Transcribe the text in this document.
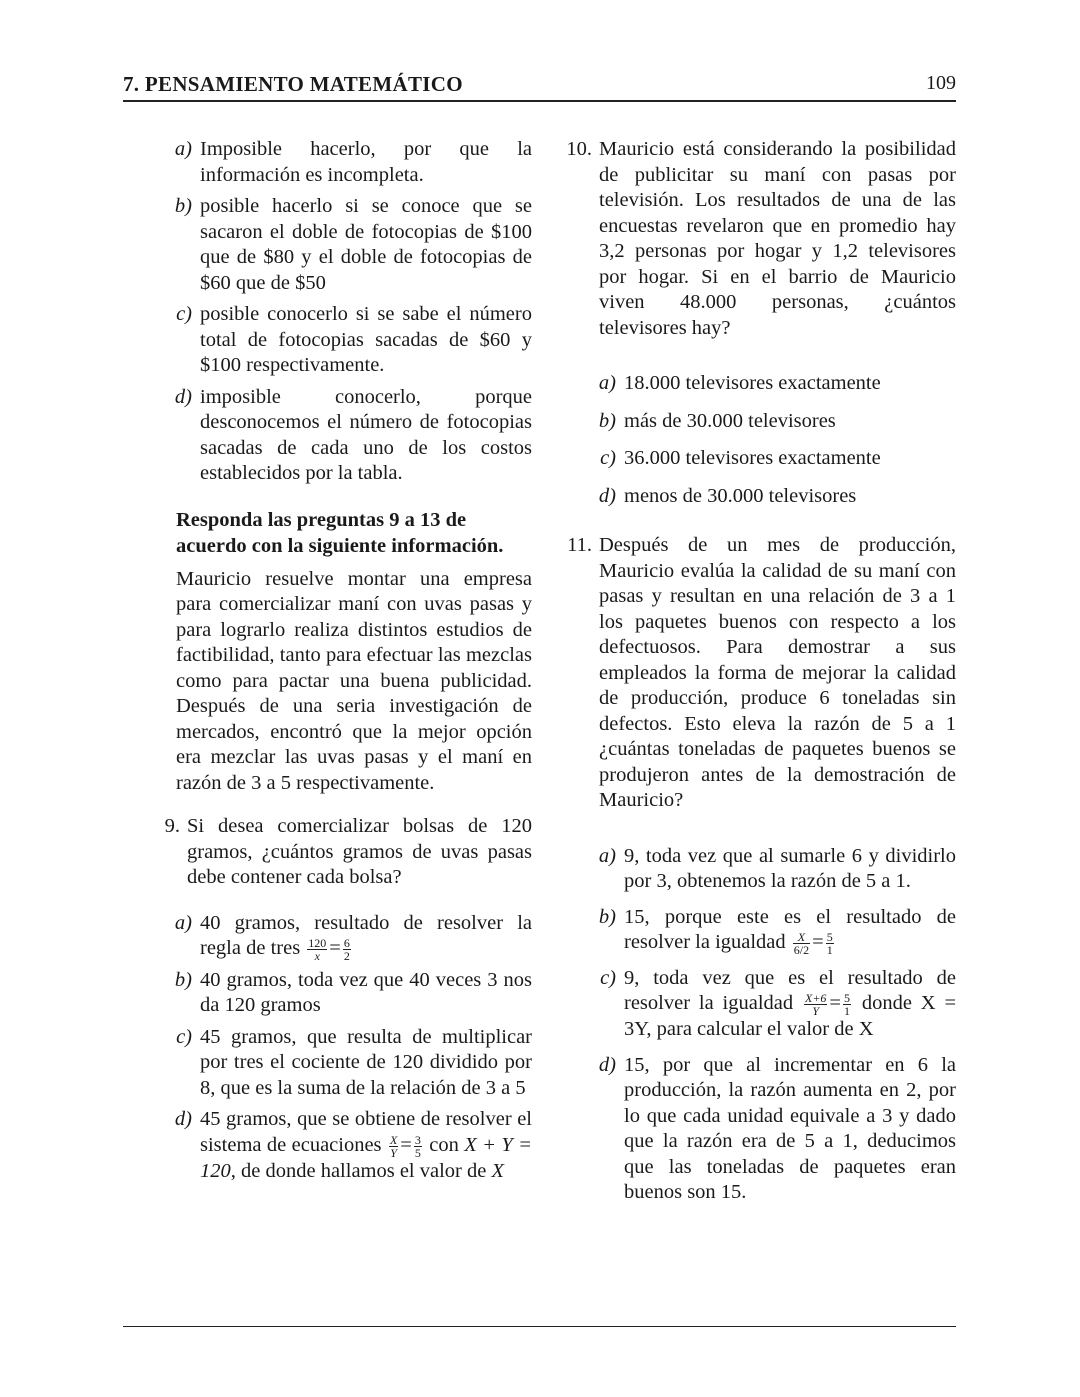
7. PENSAMIENTO MATEMÁTICO	109
a) Imposible hacerlo, por que la información es incompleta.
b) posible hacerlo si se conoce que se sacaron el doble de fotocopias de $100 que de $80 y el doble de fotocopias de $60 que de $50
c) posible conocerlo si se sabe el número total de fotocopias sacadas de $60 y $100 respectivamente.
d) imposible conocerlo, porque desconocemos el número de fotocopias sacadas de cada uno de los costos establecidos por la tabla.

Responda las preguntas 9 a 13 de acuerdo con la siguiente información.

Mauricio resuelve montar una empresa para comercializar maní con uvas pasas y para lograrlo realiza distintos estudios de factibilidad, tanto para efectuar las mezclas como para pactar una buena publicidad. Después de una seria investigación de mercados, encontró que la mejor opción era mezclar las uvas pasas y el maní en razón de 3 a 5 respectivamente.

9. Si desea comercializar bolsas de 120 gramos, ¿cuántos gramos de uvas pasas debe contener cada bolsa?
a) 40 gramos, resultado de resolver la regla de tres $\frac{120}{x} = \frac{6}{2}$
b) 40 gramos, toda vez que 40 veces 3 nos da 120 gramos
c) 45 gramos, que resulta de multiplicar por tres el cociente de 120 dividido por 8, que es la suma de la relación de 3 a 5
d) 45 gramos, que se obtiene de resolver el sistema de ecuaciones $\frac{X}{Y} = \frac{3}{5}$ con X + Y = 120, de donde hallamos el valor de X
10. Mauricio está considerando la posibilidad de publicitar su maní con pasas por televisión. Los resultados de una de las encuestas revelaron que en promedio hay 3,2 personas por hogar y 1,2 televisores por hogar. Si en el barrio de Mauricio viven 48.000 personas, ¿cuántos televisores hay?
a) 18.000 televisores exactamente
b) más de 30.000 televisores
c) 36.000 televisores exactamente
d) menos de 30.000 televisores
11. Después de un mes de producción, Mauricio evalúa la calidad de su maní con pasas y resultan en una relación de 3 a 1 los paquetes buenos con respecto a los defectuosos. Para demostrar a sus empleados la forma de mejorar la calidad de producción, produce 6 toneladas sin defectos. Esto eleva la razón de 5 a 1 ¿cuántas toneladas de paquetes buenos se produjeron antes de la demostración de Mauricio?
a) 9, toda vez que al sumarle 6 y dividirlo por 3, obtenemos la razón de 5 a 1.
b) 15, porque este es el resultado de resolver la igualdad $\frac{X}{6/2} = \frac{5}{1}$
c) 9, toda vez que es el resultado de resolver la igualdad $\frac{X+6}{Y} = \frac{5}{1}$ donde X = 3Y, para calcular el valor de X
d) 15, por que al incrementar en 6 la producción, la razón aumenta en 2, por lo que cada unidad equivale a 3 y dado que la razón era de 5 a 1, deducimos que las toneladas de paquetes eran buenos son 15.
